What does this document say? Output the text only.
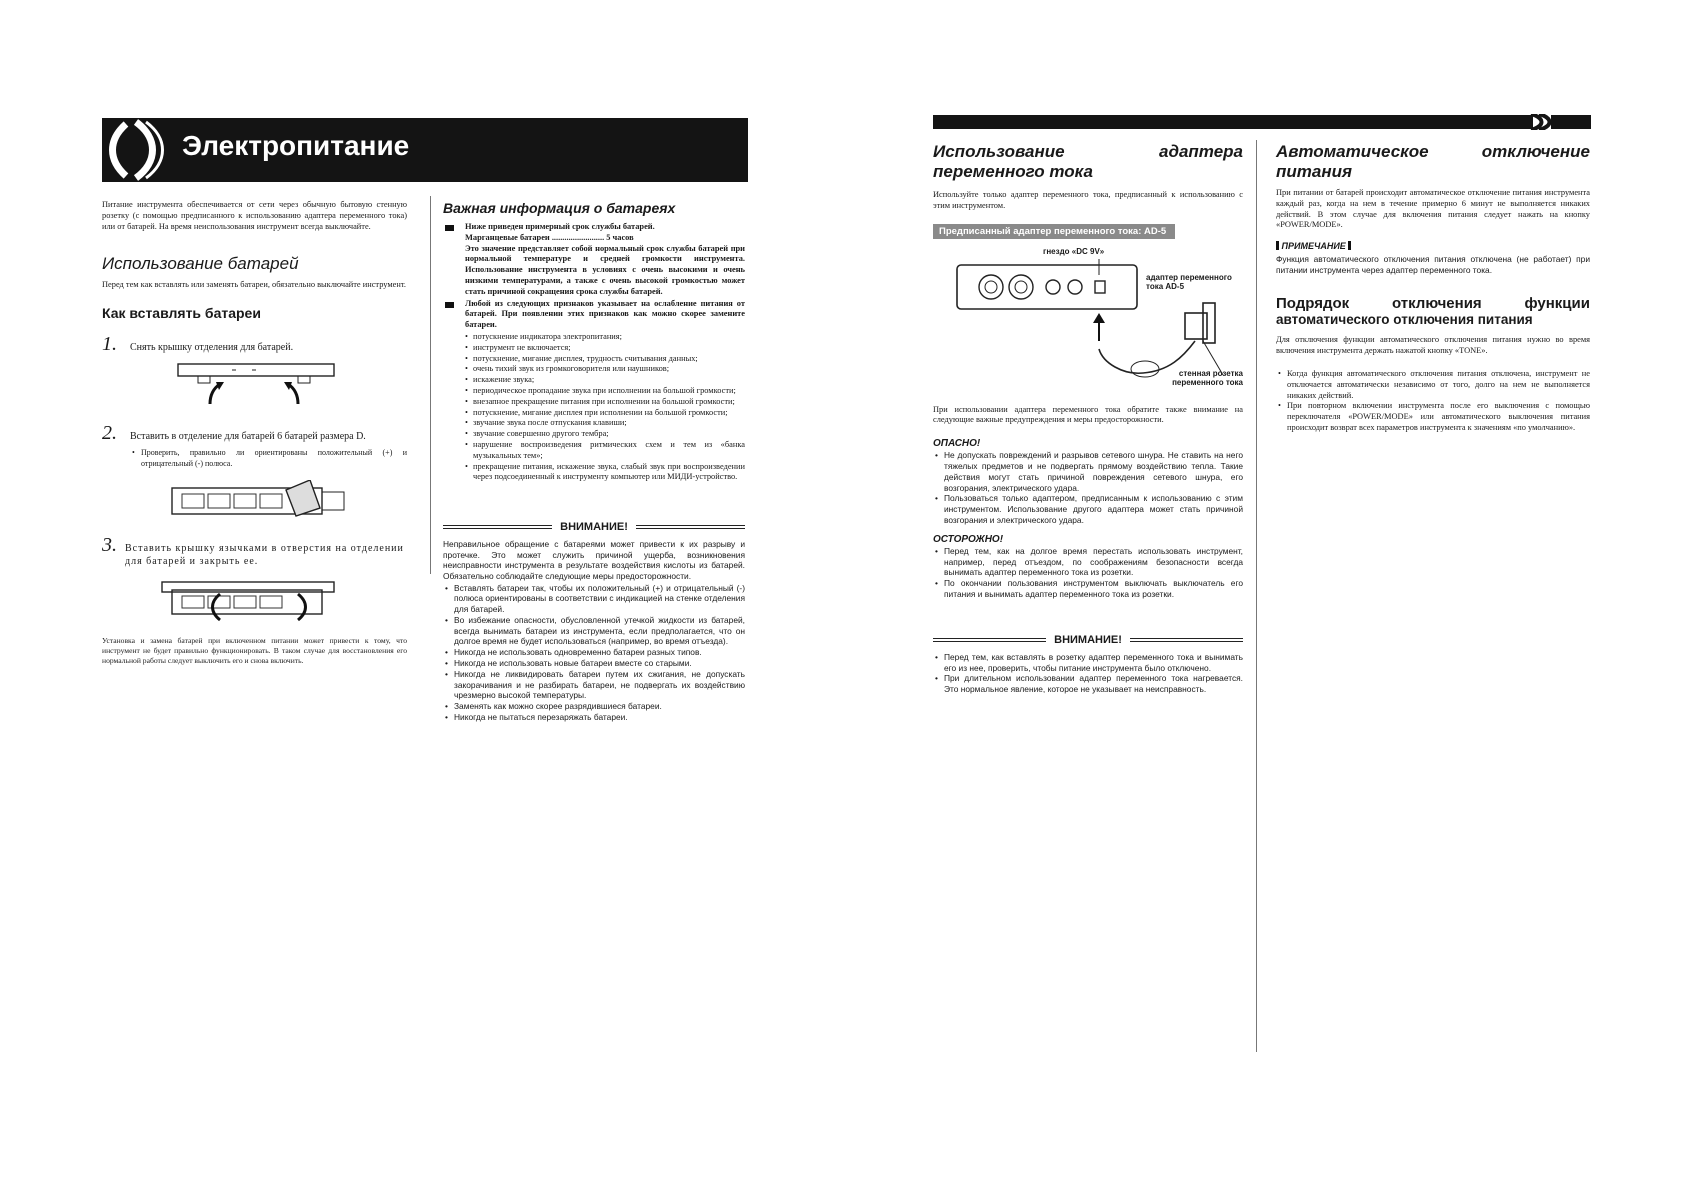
Электропитание

Питание инструмента обеспечивается от сети через обычную бытовую стенную розетку (с помощью предписанного к использованию адаптера переменного тока) или от батарей. На время неиспользования инструмент всегда выключайте.

Использование батарей

Перед тем как вставлять или заменять батареи, обязательно выключайте инструмент.

Как вставлять батареи
1.	Снять крышку отделения для батарей.
2.	Вставить в отделение для батарей 6 батарей размера D.
• Проверить, правильно ли ориентированы положительный (+) и отрицательный (-) полюса.
3. Вставить крышку язычками в отверстия на отделении для батарей и закрыть ее.

Установка и замена батарей при включенном питании может привести к тому, что инструмент не будет правильно функционировать. В таком случае для восстановления его нормальной работы следует выключить его и снова включить.

Важная информация о батареях
Ниже приведен примерный срок службы батарей.
Марганцевые батареи ......................... 5 часов
Это значение представляет собой нормальный срок службы батарей при нормальной температуре и средней громкости инструмента. Использование инструмента в условиях с очень высокими и очень низкими температурами, а также с очень высокой громкостью может стать причиной сокращения срока службы батарей.
Любой из следующих признаков указывает на ослабление питания от батарей. При появлении этих признаков как можно скорее замените батареи.
• потускнение индикатора электропитания;
• инструмент не включается;
• потускнение, мигание дисплея, трудность считывания данных;
• очень тихий звук из громкоговорителя или наушников;
• искажение звука;
• периодическое пропадание звука при исполнении на большой громкости;
• внезапное прекращение питания при исполнении на большой громкости;
• потускнение, мигание дисплея при исполнении на большой громкости;
• звучание звука после отпускания клавиши;
• звучание совершенно другого тембра;
• нарушение воспроизведения ритмических схем и тем из «банка музыкальных тем»;
• прекращение питания, искажение звука, слабый звук при воспроизведении через подсоединенный к инструменту компьютер или МИДИ-устройство.
ВНИМАНИЕ!

Неправильное обращение с батареями может привести к их разрыву и протечке. Это может служить причиной ущерба, возникновения неисправности инструмента в результате воздействия кислоты из батарей. Обязательно соблюдайте следующие меры предосторожности.

• Вставлять батареи так, чтобы их положительный (+) и отрицательный (-) полюса ориентированы в соответствии с индикацией на стенке отделения для батарей.
• Во избежание опасности, обусловленной утечкой жидкости из батарей, всегда вынимать батареи из инструмента, если предполагается, что он долгое время не будет использоваться (например, во время отъезда).
• Никогда не использовать одновременно батареи разных типов.
• Никогда не использовать новые батареи вместе со старыми.
• Никогда не ликвидировать батареи путем их сжигания, не допускать закорачивания и не разбирать батареи, не подвергать их воздействию чрезмерно высокой температуры.
• Заменять как можно скорее разрядившиеся батареи.
• Никогда не пытаться перезаряжать батареи.
Использование	адаптера
переменного тока

Используйте только адаптер переменного тока, предписанный к использованию с этим инструментом.

Предписанный адаптер переменного тока: AD-5
гнездо «DC 9V»
адаптер переменного тока AD-5
стенная розетка переменного тока

При использовании адаптера переменного тока обратите также внимание на следующие важные предупреждения и меры предосторожности.

ОПАСНО!
• Не допускать повреждений и разрывов сетевого шнура. Не ставить на него тяжелых предметов и не подвергать прямому воздействию тепла. Такие действия могут стать причиной повреждения сетевого шнура, его возгорания, электрического удара.
• Пользоваться только адаптером, предписанным к использованию с этим инструментом. Использование другого адаптера может стать причиной возгорания и электрического удара.
ОСТОРОЖНО!
• Перед тем, как на долгое время перестать использовать инструмент, например, перед отъездом, по соображениям безопасности всегда вынимать адаптер переменного тока из розетки.
• По окончании пользования инструментом выключать выключатель его питания и вынимать адаптер переменного тока из розетки.
ВНИМАНИЕ!
• Перед тем, как вставлять в розетку адаптер переменного тока и вынимать его из нее, проверить, чтобы питание инструмента было отключено.
• При длительном использовании адаптер переменного тока нагревается. Это нормальное явление, которое не указывает на неисправность.
Автоматическое	отключение
питания

При питании от батарей происходит автоматическое отключение питания инструмента каждый раз, когда на нем в течение примерно 6 минут не выполняется никаких действий. В этом случае для включения питания следует нажать на кнопку «POWER/MODE».

ПРИМЕЧАНИЕ

Функция автоматического отключения питания отключена (не работает) при питании инструмента через адаптер переменного тока.

Подрядок	отключения	функции
автоматического отключения питания

Для отключения функции автоматического отключения питания нужно во время включения инструмента держать нажатой кнопку «TONE».

• Когда функция автоматического отключения питания отключена, инструмент не отключается автоматически независимо от того, долго на нем не выполняется никаких действий.
• При повторном включении инструмента после его выключения с помощью переключателя «POWER/MODE» или автоматического выключения питания происходит возврат всех параметров инструмента к значениям «по умолчанию».
